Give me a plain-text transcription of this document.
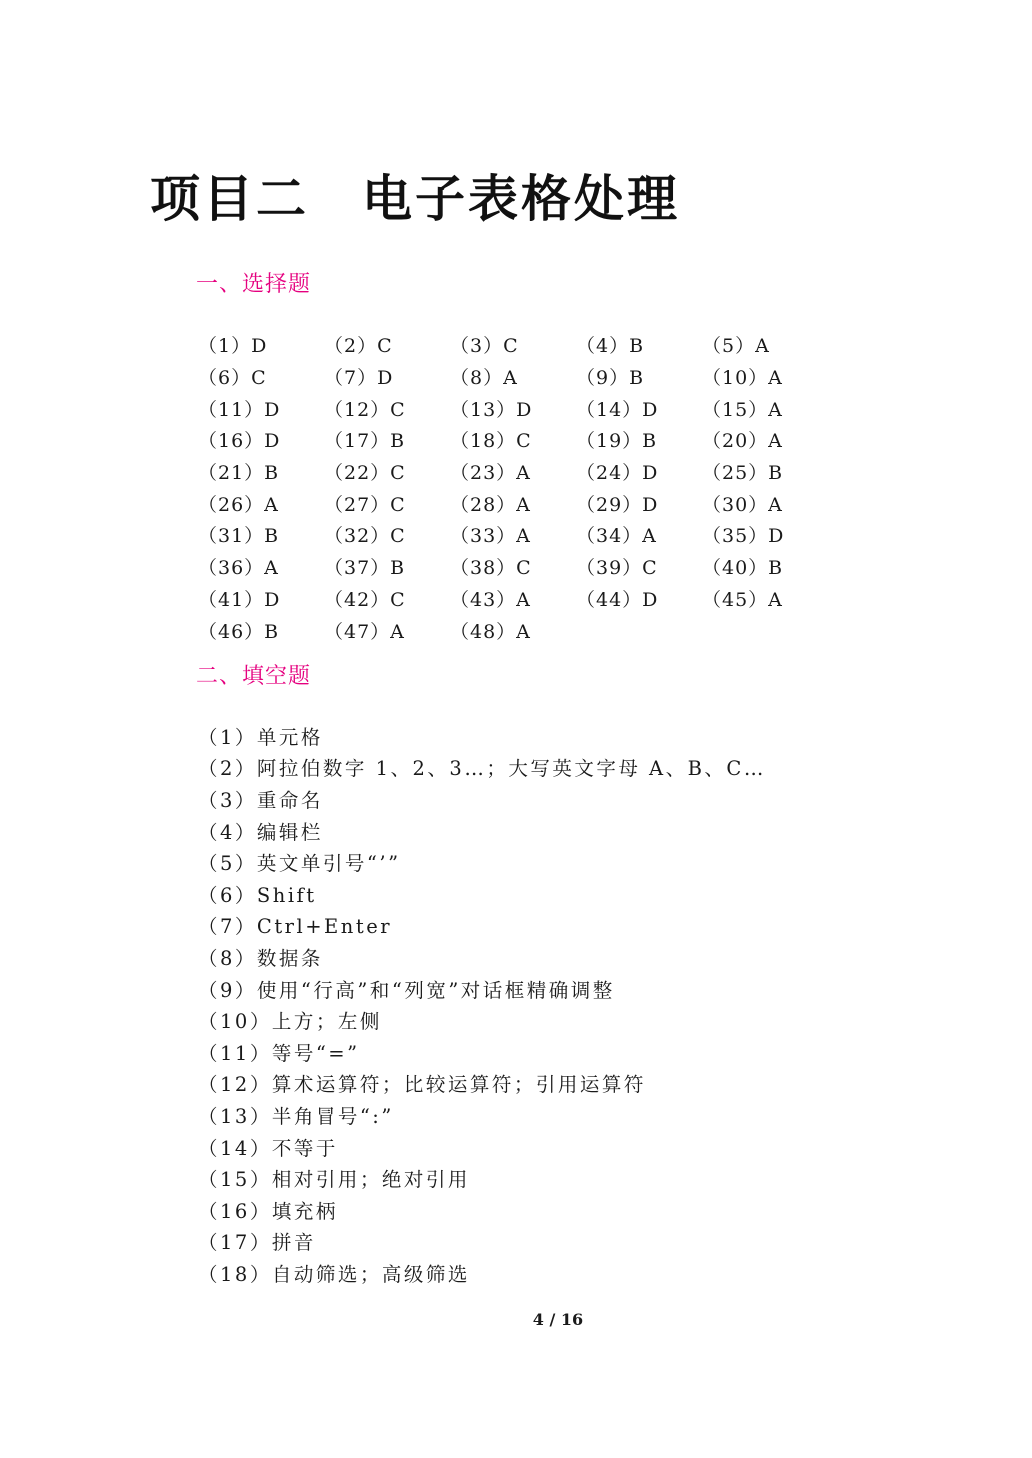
项目二　电子表格处理
一、选择题
（1）D	（2）C	（3）C	（4）B	（5）A
（6）C	（7）D	（8）A	（9）B	（10）A
（11）D	（12）C	（13）D	（14）D	（15）A
（16）D	（17）B	（18）C	（19）B	（20）A
（21）B	（22）C	（23）A	（24）D	（25）B
（26）A	（27）C	（28）A	（29）D	（30）A
（31）B	（32）C	（33）A	（34）A	（35）D
（36）A	（37）B	（38）C	（39）C	（40）B
（41）D	（42）C	（43）A	（44）D	（45）A
（46）B	（47）A	（48）A
二、填空题
（1）单元格
（2）阿拉伯数字 1、2、3…；大写英文字母 A、B、C…
（3）重命名
（4）编辑栏
（5）英文单引号“’”
（6）Shift
（7）Ctrl+Enter
（8）数据条
（9）使用“行高”和“列宽”对话框精确调整
（10）上方；左侧
（11）等号“=”
（12）算术运算符；比较运算符；引用运算符
（13）半角冒号“:”
（14）不等于
（15）相对引用；绝对引用
（16）填充柄
（17）拼音
（18）自动筛选；高级筛选
4 / 16
